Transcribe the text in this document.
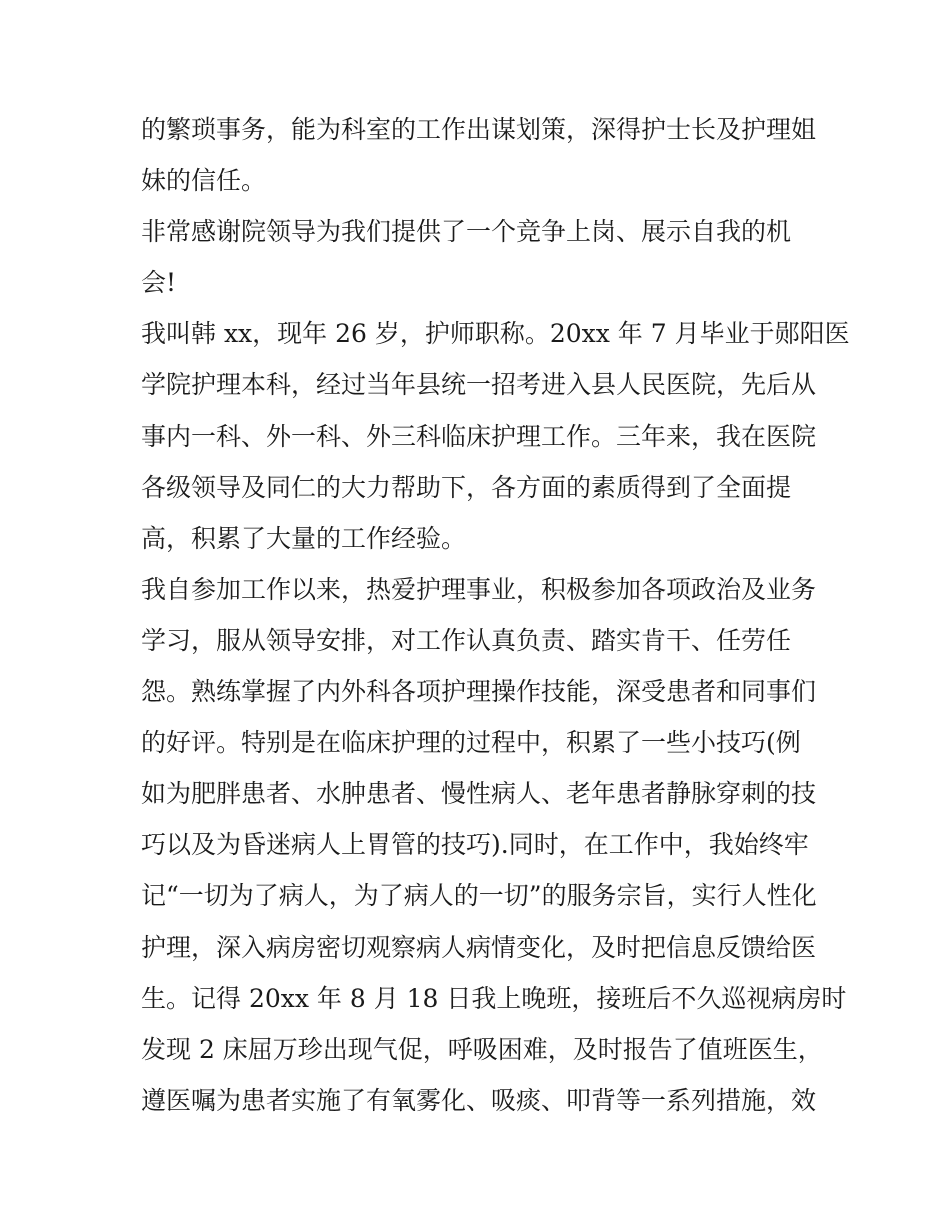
的繁琐事务，能为科室的工作出谋划策，深得护士长及护理姐
妹的信任。
非常感谢院领导为我们提供了一个竞争上岗、展示自我的机
会!
我叫韩 xx，现年 26 岁，护师职称。20xx 年 7 月毕业于郧阳医
学院护理本科，经过当年县统一招考进入县人民医院，先后从
事内一科、外一科、外三科临床护理工作。三年来，我在医院
各级领导及同仁的大力帮助下，各方面的素质得到了全面提
高，积累了大量的工作经验。
我自参加工作以来，热爱护理事业，积极参加各项政治及业务
学习，服从领导安排，对工作认真负责、踏实肯干、任劳任
怨。熟练掌握了内外科各项护理操作技能，深受患者和同事们
的好评。特别是在临床护理的过程中，积累了一些小技巧(例
如为肥胖患者、水肿患者、慢性病人、老年患者静脉穿刺的技
巧以及为昏迷病人上胃管的技巧).同时，在工作中，我始终牢
记“一切为了病人，为了病人的一切”的服务宗旨，实行人性化
护理，深入病房密切观察病人病情变化，及时把信息反馈给医
生。记得 20xx 年 8 月 18 日我上晚班，接班后不久巡视病房时
发现 2 床屈万珍出现气促，呼吸困难，及时报告了值班医生，
遵医嘱为患者实施了有氧雾化、吸痰、叩背等一系列措施，效
